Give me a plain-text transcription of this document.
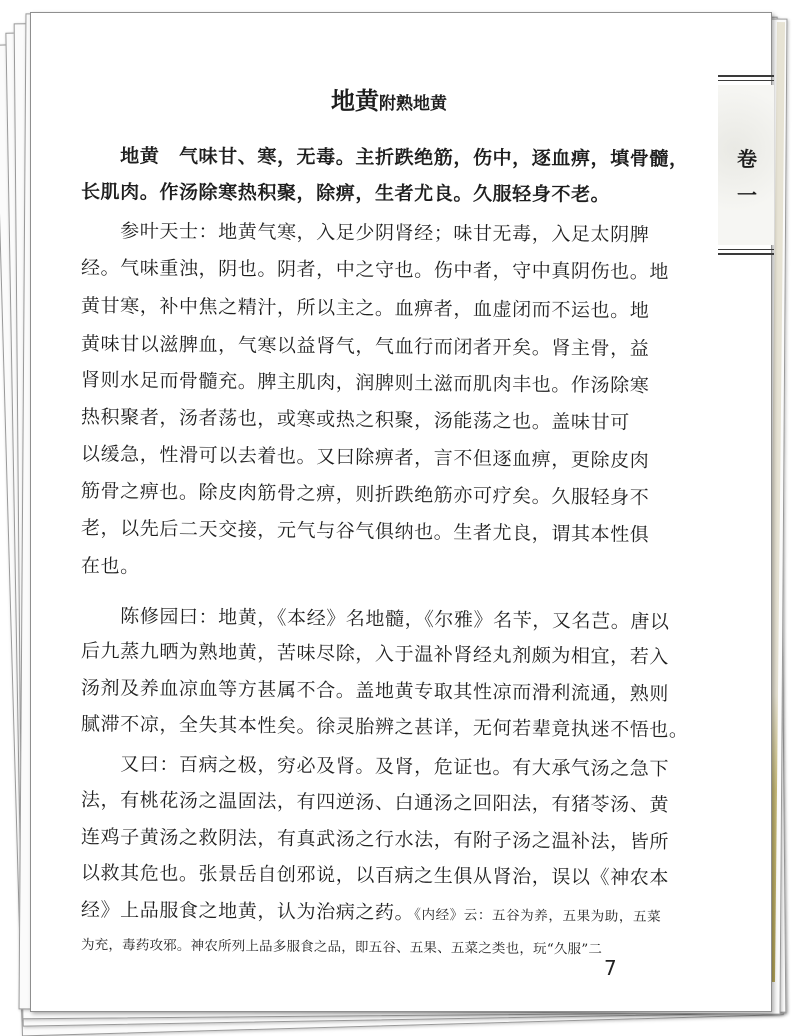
地黄附熟地黄
卷一
　　地黄　气味甘、寒，无毒。主折跌绝筋，伤中，逐血痹，填骨髓，
长肌肉。作汤除寒热积聚，除痹，生者尤良。久服轻身不老。
　　参叶天士：地黄气寒，入足少阴肾经；味甘无毒，入足太阴脾
经。气味重浊，阴也。阴者，中之守也。伤中者，守中真阴伤也。地
黄甘寒，补中焦之精汁，所以主之。血痹者，血虚闭而不运也。地
黄味甘以滋脾血，气寒以益肾气，气血行而闭者开矣。肾主骨，益
肾则水足而骨髓充。脾主肌肉，润脾则土滋而肌肉丰也。作汤除寒
热积聚者，汤者荡也，或寒或热之积聚，汤能荡之也。盖味甘可
以缓急，性滑可以去着也。又曰除痹者，言不但逐血痹，更除皮肉
筋骨之痹也。除皮肉筋骨之痹，则折跌绝筋亦可疗矣。久服轻身不
老，以先后二天交接，元气与谷气俱纳也。生者尤良，谓其本性俱
在也。
　　陈修园曰：地黄，《本经》名地髓，《尔雅》名苄，又名芑。唐以
后九蒸九晒为熟地黄，苦味尽除，入于温补肾经丸剂颇为相宜，若入
汤剂及养血凉血等方甚属不合。盖地黄专取其性凉而滑利流通，熟则
腻滞不凉，全失其本性矣。徐灵胎辨之甚详，无何若辈竟执迷不悟也。
　　又曰：百病之极，穷必及肾。及肾，危证也。有大承气汤之急下
法，有桃花汤之温固法，有四逆汤、白通汤之回阳法，有猪苓汤、黄
连鸡子黄汤之救阴法，有真武汤之行水法，有附子汤之温补法，皆所
以救其危也。张景岳自创邪说，以百病之生俱从肾治，误以《神农本
经》上品服食之地黄，认为治病之药。《内经》云：五谷为养，五果为助，五菜
为充，毒药攻邪。神农所列上品多服食之品，即五谷、五果、五菜之类也，玩“久服”二
7
